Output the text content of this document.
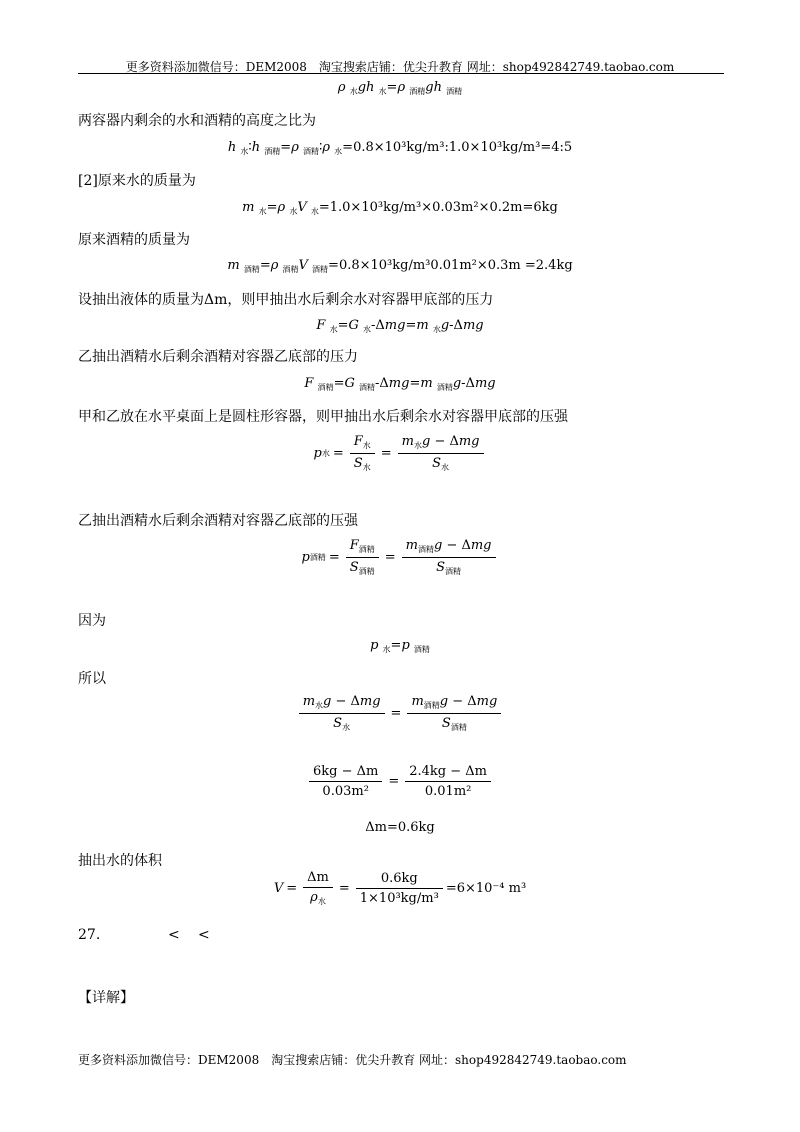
更多资料添加微信号：DEM2008　淘宝搜索店铺：优尖升教育 网址：shop492842749.taobao.com
ρ $_水$gh $_水$=ρ $_{酒精}$gh $_{酒精}$
两容器内剩余的水和酒精的高度之比为
h $_水$∶h $_{酒精}$=ρ $_{酒精}$∶ρ $_水$=0.8×10³kg/m³:1.0×10³kg/m³=4:5
[2]原来水的质量为
m $_水$=ρ $_水$V $_水$=1.0×10³kg/m³×0.03m²×0.2m=6kg
原来酒精的质量为
m $_{酒精}$=ρ $_{酒精}$V $_{酒精}$=0.8×10³kg/m³0.01m²×0.3m =2.4kg
设抽出液体的质量为Δm，则甲抽出水后剩余水对容器甲底部的压力
F $_水$=G $_水$-Δmg=m $_水$g-Δmg
乙抽出酒精水后剩余酒精对容器乙底部的压力
F $_{酒精}$=G $_{酒精}$-Δmg=m $_{酒精}$g-Δmg
甲和乙放在水平桌面上是圆柱形容器，则甲抽出水后剩余水对容器甲底部的压强
p 水 = $\frac{F_水}{S_水} = \frac{m_水g - \Delta mg}{S_水}$
乙抽出酒精水后剩余酒精对容器乙底部的压强
p 酒精 = $\frac{F_{酒精}}{S_{酒精}} = \frac{m_{酒精}g - \Delta mg}{S_{酒精}}$
因为
p $_水$=p $_{酒精}$
所以
$\frac{m_水g - \Delta mg}{S_水} = \frac{m_{酒精}g - \Delta mg}{S_{酒精}}$
$\frac{6kg - \Delta m}{\text{0.03m²}} = \frac{2.4kg - \Delta m}{\text{0.01m²}}$
Δm=0.6kg
抽出水的体积
$V = \frac{\Delta m}{\rho_水} = \frac{0.6kg}{\text{1×10³kg/m³}} =6\times 10^{-4}$ m³
27.	< <
【详解】
更多资料添加微信号：DEM2008　淘宝搜索店铺：优尖升教育 网址：shop492842749.taobao.com
